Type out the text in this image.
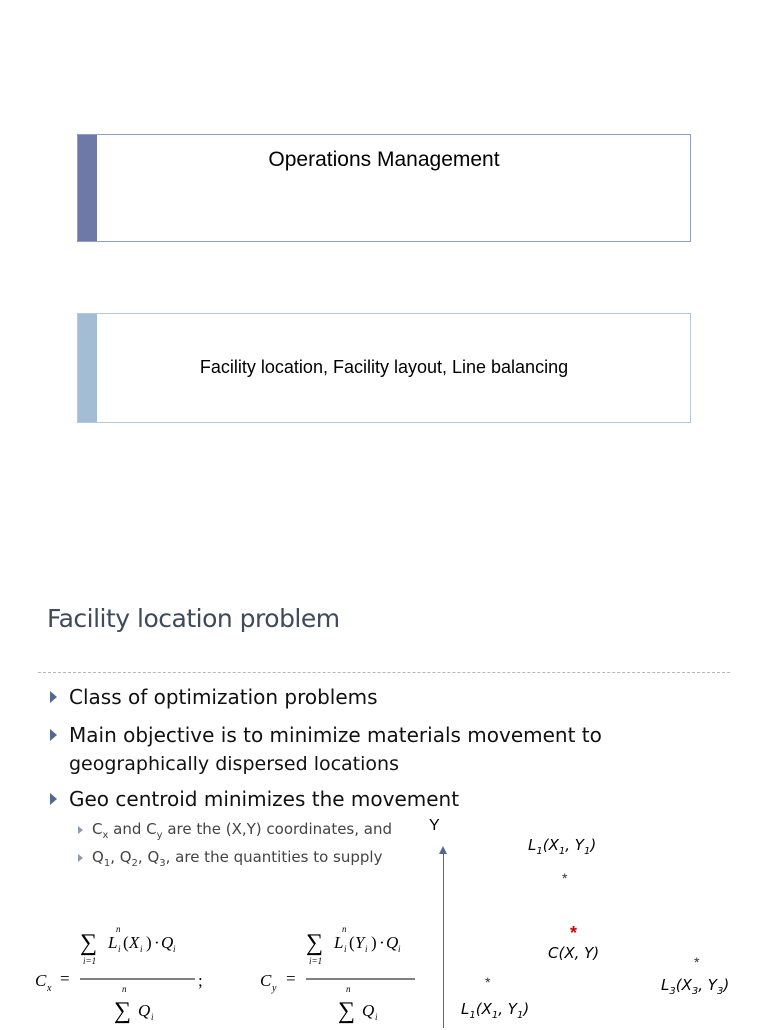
Operations Management
Facility location, Facility layout, Line balancing
Facility location problem
Class of optimization problems
Main objective is to minimize materials movement to
geographically dispersed locations
Geo centroid minimizes the movement
$C_x$ and $C_y$ are the (X,Y) coordinates, and
$Q_1$, $Q_2$, $Q_3$, are the quantities to supply
Y
$L_1(X_1$, $Y_1$)
*
*
C(X, Y)	*
$L_3(X_3$, $Y_3$)
*
$L_1(X_1$, $Y_1$)
C x
=
n
∑ L i ( X i ) · Q i
i=1
n
∑ Q i
;	C y
=
n
∑ L i ( Y i ) · Q i
i=1
n
∑ Q i
